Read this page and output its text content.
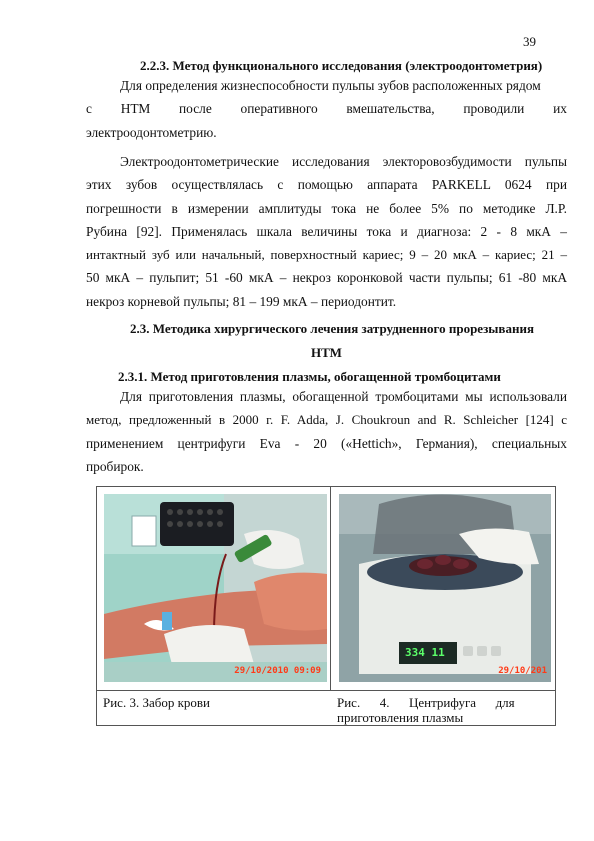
39
2.2.3. Метод функционального исследования (электроодонтометрия)
Для определения жизнеспособности пульпы зубов расположенных рядом
с НТМ после оперативного вмешательства, проводили их
электроодонтометрию.
Электроодонтометрические исследования электоровозбудимости пульпы
этих зубов осуществлялась с помощью аппарата PARKELL 0624 при
погрешности в измерении амплитуды тока не более 5% по методике Л.Р.
Рубина [92]. Применялась шкала величины тока и диагноза: 2 - 8 мкА –
интактный зуб или начальный, поверхностный кариес; 9 – 20 мкА – кариес; 21 –
50 мкА – пульпит; 51 -60 мкА – некроз коронковой части пульпы; 61 -80 мкА
некроз корневой пульпы; 81 – 199 мкА – периодонтит.
2.3. Методика хирургического лечения затрудненного прорезывания
НТМ
2.3.1. Метод приготовления плазмы, обогащенной тромбоцитами
Для приготовления плазмы, обогащенной тромбоцитами мы использовали
метод, предложенный в 2000 г. F. Adda, J. Choukroun and R. Schleicher [124] с
применением центрифуги Eva - 20 («Hettich», Германия), специальных
пробирок.
29/10/2010 09:09
334 11
29/10/201
Рис. 3. Забор крови	Рис.      4.      Центрифуга      для
приготовления плазмы
